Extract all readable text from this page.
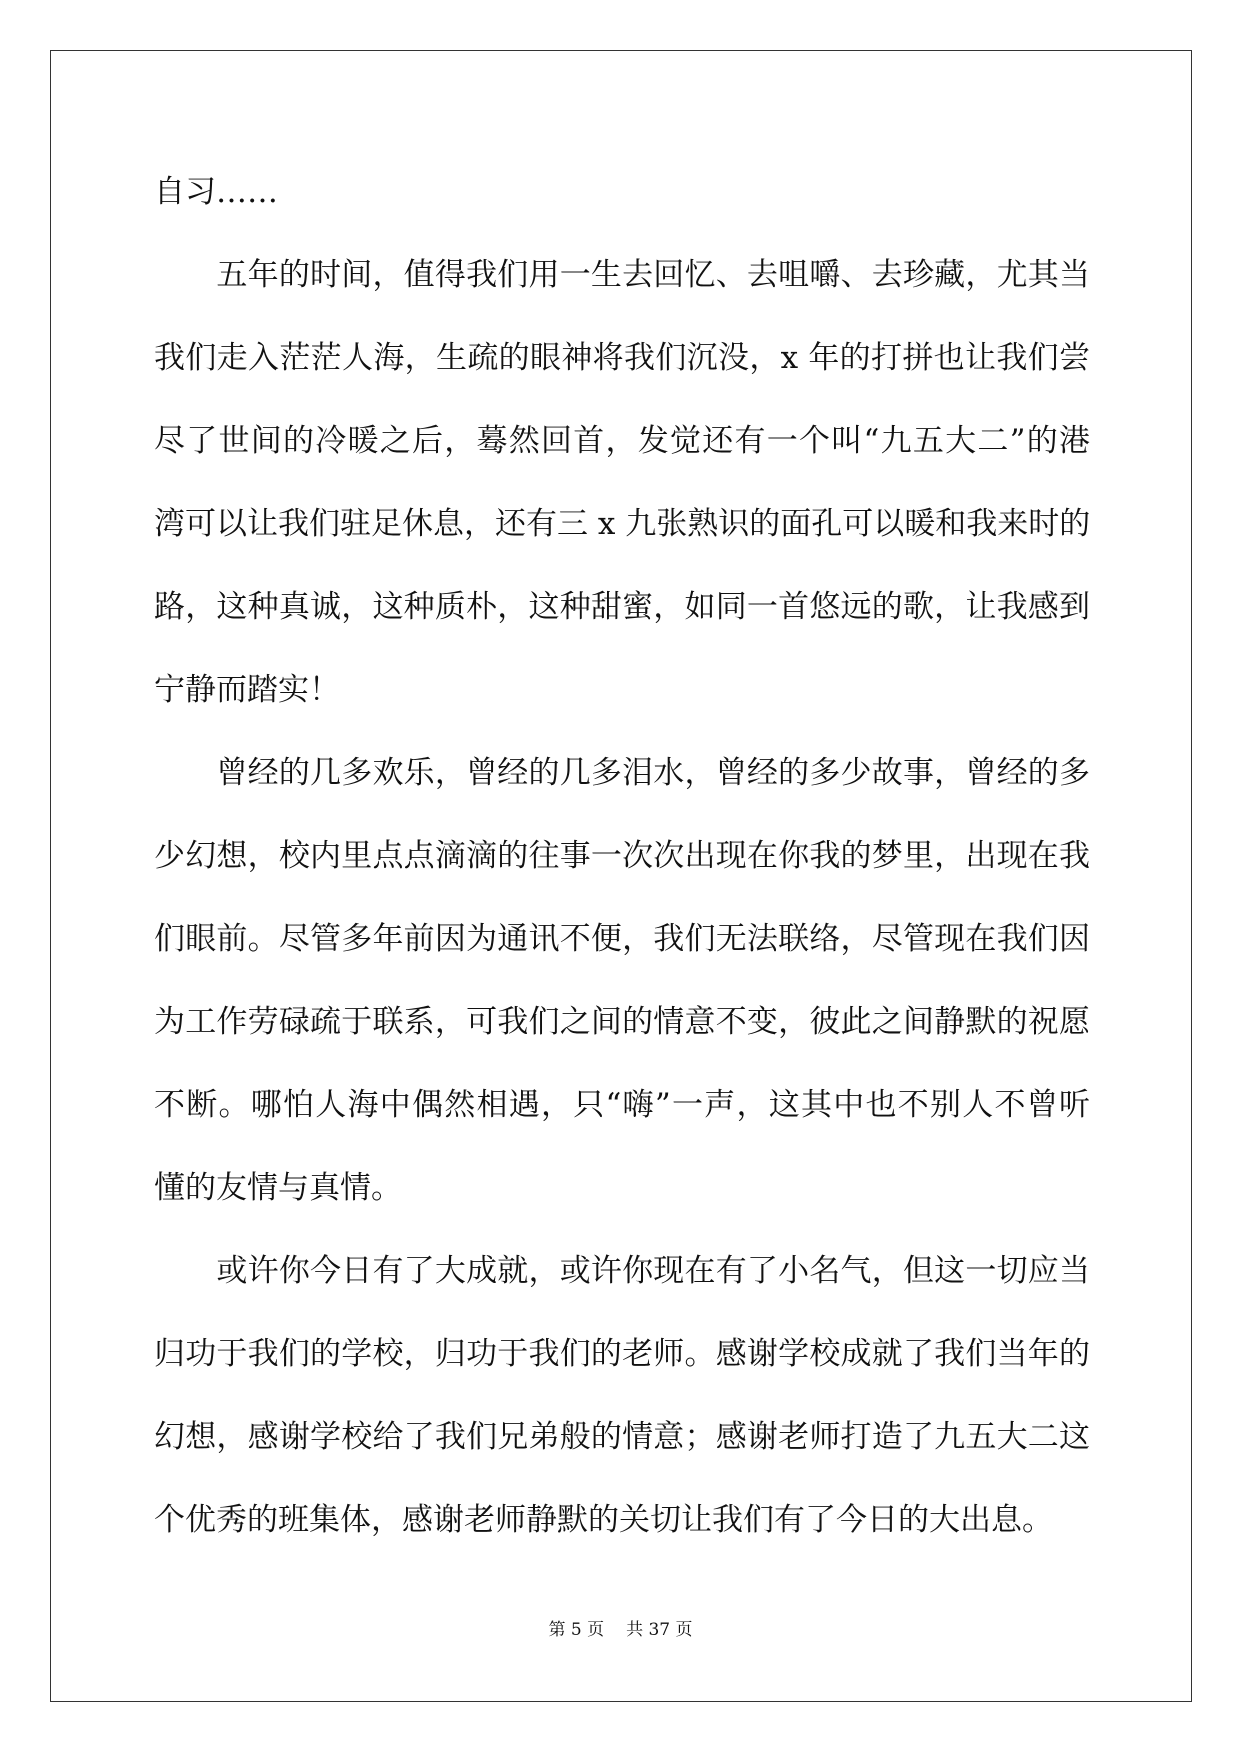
自习……
　　五年的时间，值得我们用一生去回忆、去咀嚼、去珍藏，尤其当
我们走入茫茫人海，生疏的眼神将我们沉没，x 年的打拼也让我们尝
尽了世间的冷暖之后，蓦然回首，发觉还有一个叫“九五大二”的港
湾可以让我们驻足休息，还有三 x 九张熟识的面孔可以暖和我来时的
路，这种真诚，这种质朴，这种甜蜜，如同一首悠远的歌，让我感到
宁静而踏实！
　　曾经的几多欢乐，曾经的几多泪水，曾经的多少故事，曾经的多
少幻想，校内里点点滴滴的往事一次次出现在你我的梦里，出现在我
们眼前。尽管多年前因为通讯不便，我们无法联络，尽管现在我们因
为工作劳碌疏于联系，可我们之间的情意不变，彼此之间静默的祝愿
不断。哪怕人海中偶然相遇，只“嗨”一声，这其中也不别人不曾听
懂的友情与真情。
　　或许你今日有了大成就，或许你现在有了小名气，但这一切应当
归功于我们的学校，归功于我们的老师。感谢学校成就了我们当年的
幻想，感谢学校给了我们兄弟般的情意；感谢老师打造了九五大二这
个优秀的班集体，感谢老师静默的关切让我们有了今日的大出息。
第 5 页 共 37 页
